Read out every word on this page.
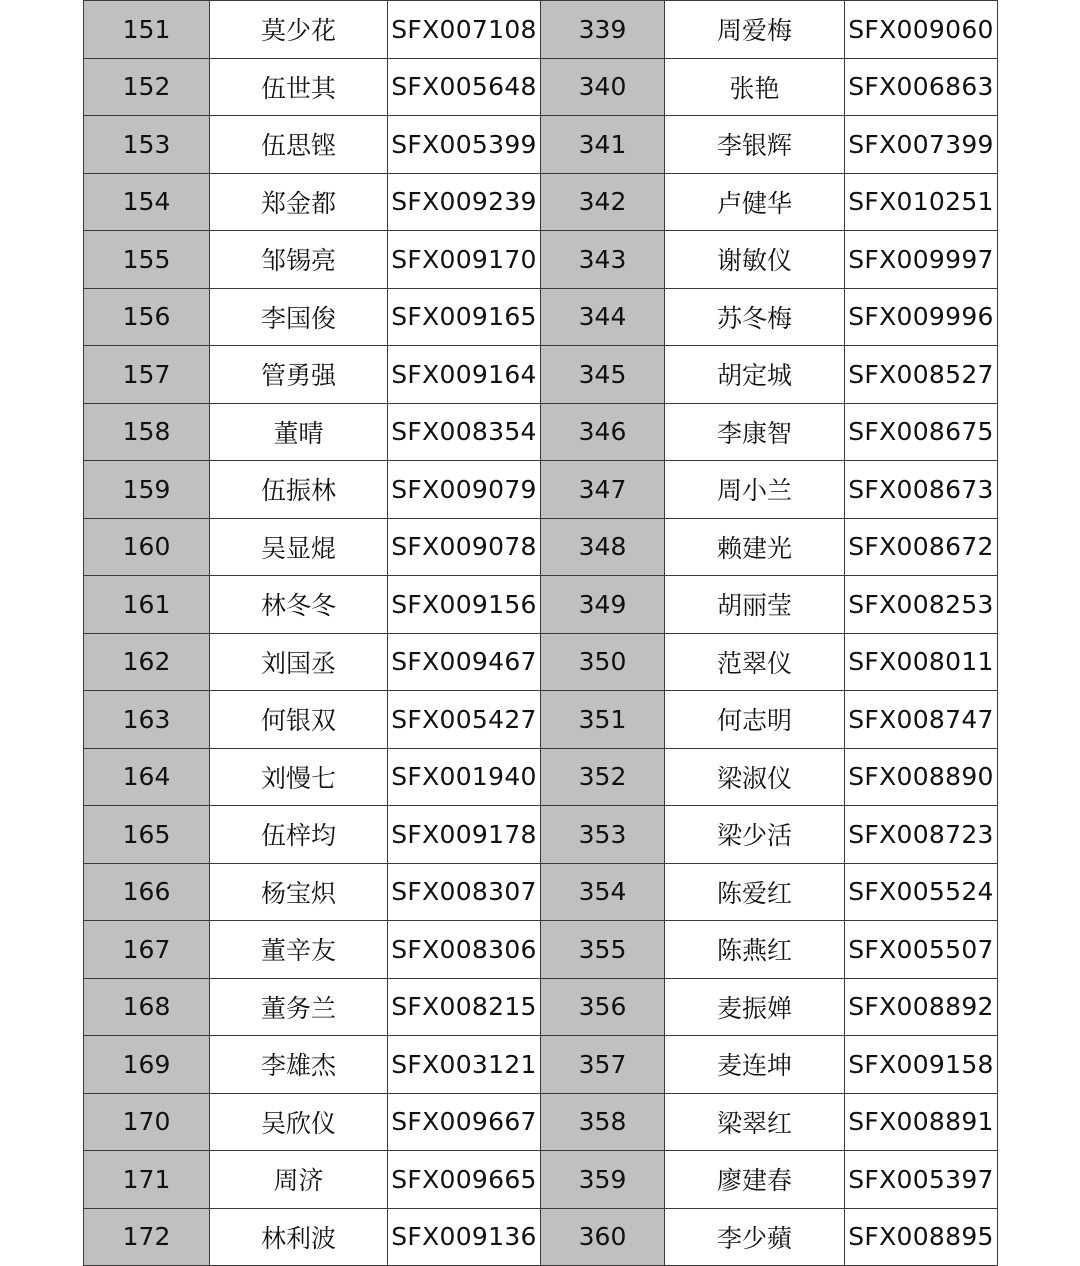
151	莫少花	SFX007108	339	周爱梅	SFX009060
152	伍世其	SFX005648	340	张艳	SFX006863
153	伍思铿	SFX005399	341	李银辉	SFX007399
154	郑金都	SFX009239	342	卢健华	SFX010251
155	邹锡亮	SFX009170	343	谢敏仪	SFX009997
156	李国俊	SFX009165	344	苏冬梅	SFX009996
157	管勇强	SFX009164	345	胡定城	SFX008527
158	董晴	SFX008354	346	李康智	SFX008675
159	伍振林	SFX009079	347	周小兰	SFX008673
160	吴显焜	SFX009078	348	赖建光	SFX008672
161	林冬冬	SFX009156	349	胡丽莹	SFX008253
162	刘国丞	SFX009467	350	范翠仪	SFX008011
163	何银双	SFX005427	351	何志明	SFX008747
164	刘慢七	SFX001940	352	梁淑仪	SFX008890
165	伍梓均	SFX009178	353	梁少活	SFX008723
166	杨宝炽	SFX008307	354	陈爱红	SFX005524
167	董辛友	SFX008306	355	陈燕红	SFX005507
168	董务兰	SFX008215	356	麦振婵	SFX008892
169	李雄杰	SFX003121	357	麦连坤	SFX009158
170	吴欣仪	SFX009667	358	梁翠红	SFX008891
171	周济	SFX009665	359	廖建春	SFX005397
172	林利波	SFX009136	360	李少蘋	SFX008895
